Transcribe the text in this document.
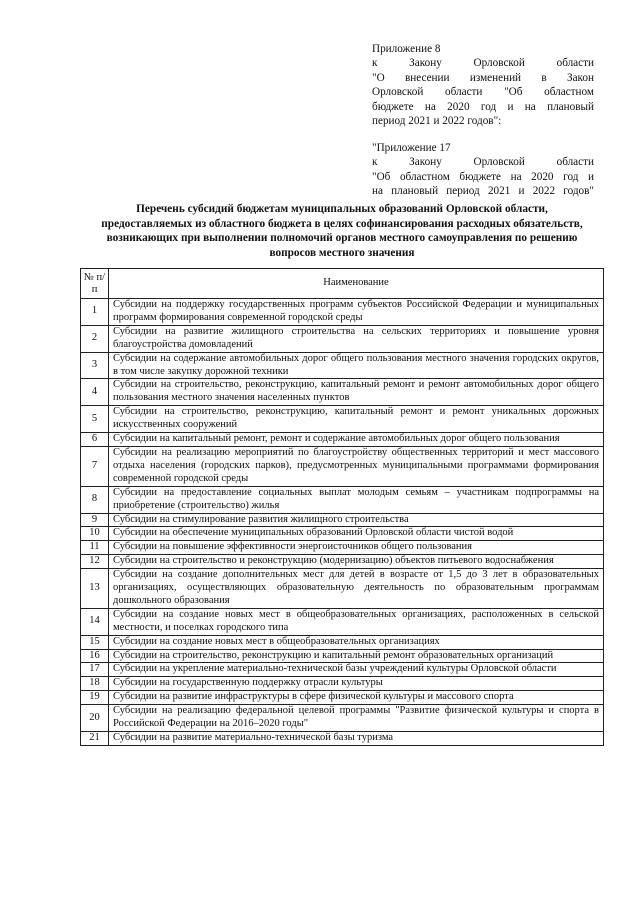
Приложение 8

к Закону Орловской области

"О внесении изменений в Закон

Орловской области "Об областном

бюджете на 2020 год и на плановый

период 2021 и 2022 годов":

"Приложение 17

к Закону Орловской области

"Об областном бюджете на 2020 год и

на плановый период 2021 и 2022 годов"

Перечень субсидий бюджетам муниципальных образований Орловской области, предоставляемых из областного бюджета в целях софинансирования расходных обязательств, возникающих при выполнении полномочий органов местного самоуправления по решению вопросов местного значения
№ п/п	Наименование
1	Субсидии на поддержку государственных программ субъектов Российской Федерации и муниципальных программ формирования современной городской среды
2	Субсидии на развитие жилищного строительства на сельских территориях и повышение уровня благоустройства домовладений
3	Субсидии на содержание автомобильных дорог общего пользования местного значения городских округов, в том числе закупку дорожной техники
4	Субсидии на строительство, реконструкцию, капитальный ремонт и ремонт автомобильных дорог общего пользования местного значения населенных пунктов
5	Субсидии на строительство, реконструкцию, капитальный ремонт и ремонт уникальных дорожных искусственных сооружений
6	Субсидии на капитальный ремонт, ремонт и содержание автомобильных дорог общего пользования
7	Субсидии на реализацию мероприятий по благоустройству общественных территорий и мест массового отдыха населения (городских парков), предусмотренных муниципальными программами формирования современной городской среды
8	Субсидии на предоставление социальных выплат молодым семьям – участникам подпрограммы на приобретение (строительство) жилья
9	Субсидии на стимулирование развития жилищного строительства
10	Субсидии на обеспечение муниципальных образований Орловской области чистой водой
11	Субсидии на повышение эффективности энергоисточников общего пользования
12	Субсидии на строительство и реконструкцию (модернизацию) объектов питьевого водоснабжения
13	Субсидии на создание дополнительных мест для детей в возрасте от 1,5 до 3 лет в образовательных организациях, осуществляющих образовательную деятельность по образовательным программам дошкольного образования
14	Субсидии на создание новых мест в общеобразовательных организациях, расположенных в сельской местности, и поселках городского типа
15	Субсидии на создание новых мест в общеобразовательных организациях
16	Субсидии на строительство, реконструкцию и капитальный ремонт образовательных организаций
17	Субсидии на укрепление материально-технической базы учреждений культуры Орловской области
18	Субсидии на государственную поддержку отрасли культуры
19	Субсидии на развитие инфраструктуры в сфере физической культуры и массового спорта
20	Субсидии на реализацию федеральной целевой программы "Развитие физической культуры и спорта в Российской Федерации на 2016–2020 годы"
21	Субсидии на развитие материально-технической базы туризма
